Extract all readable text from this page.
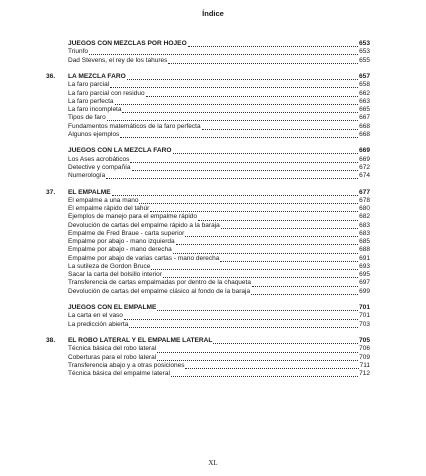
Índice
JUEGOS CON MEZCLAS POR HOJEO	653
Triunfo	653
Dad Stevens, el rey de los tahures	655
36.	LA MEZCLA FARO	657
La faro parcial	658
La faro parcial con residuo	662
La faro perfecta	663
La faro incompleta	665
Tipos de faro	667
Fundamentos matemáticos de la faro perfecta	668
Algunos ejemplos	668
JUEGOS CON LA MEZCLA FARO	669
Los Ases acrobáticos	669
Detective y compañía	672
Numerología	674
37.	EL EMPALME	677
El empalme a una mano	678
El empalme rápido del tahúr	680
Ejemplos de manejo para el empalme rápido	682
Devolución de cartas del empalme rápido a la baraja	683
Empalme de Fred Braue - carta superior	683
Empalme por abajo - mano izquierda	685
Empalme por abajo - mano derecha	688
Empalme por abajo de varias cartas - mano derecha	691
La sutileza de Gordon Bruce	693
Sacar la carta del bolsillo interior	695
Transferencia de cartas empalmadas por dentro de la chaqueta	697
Devolución de cartas del empalme clásico al fondo de la baraja	699
JUEGOS CON EL EMPALME	701
La carta en el vaso	701
La predicción abierta	703
38.	EL ROBO LATERAL Y EL EMPALME LATERAL	705
Técnica básica del robo lateral	706
Coberturas para el robo lateral	709
Transferencia abajo y a otras posiciones	711
Técnica básica del empalme lateral	712
XL
